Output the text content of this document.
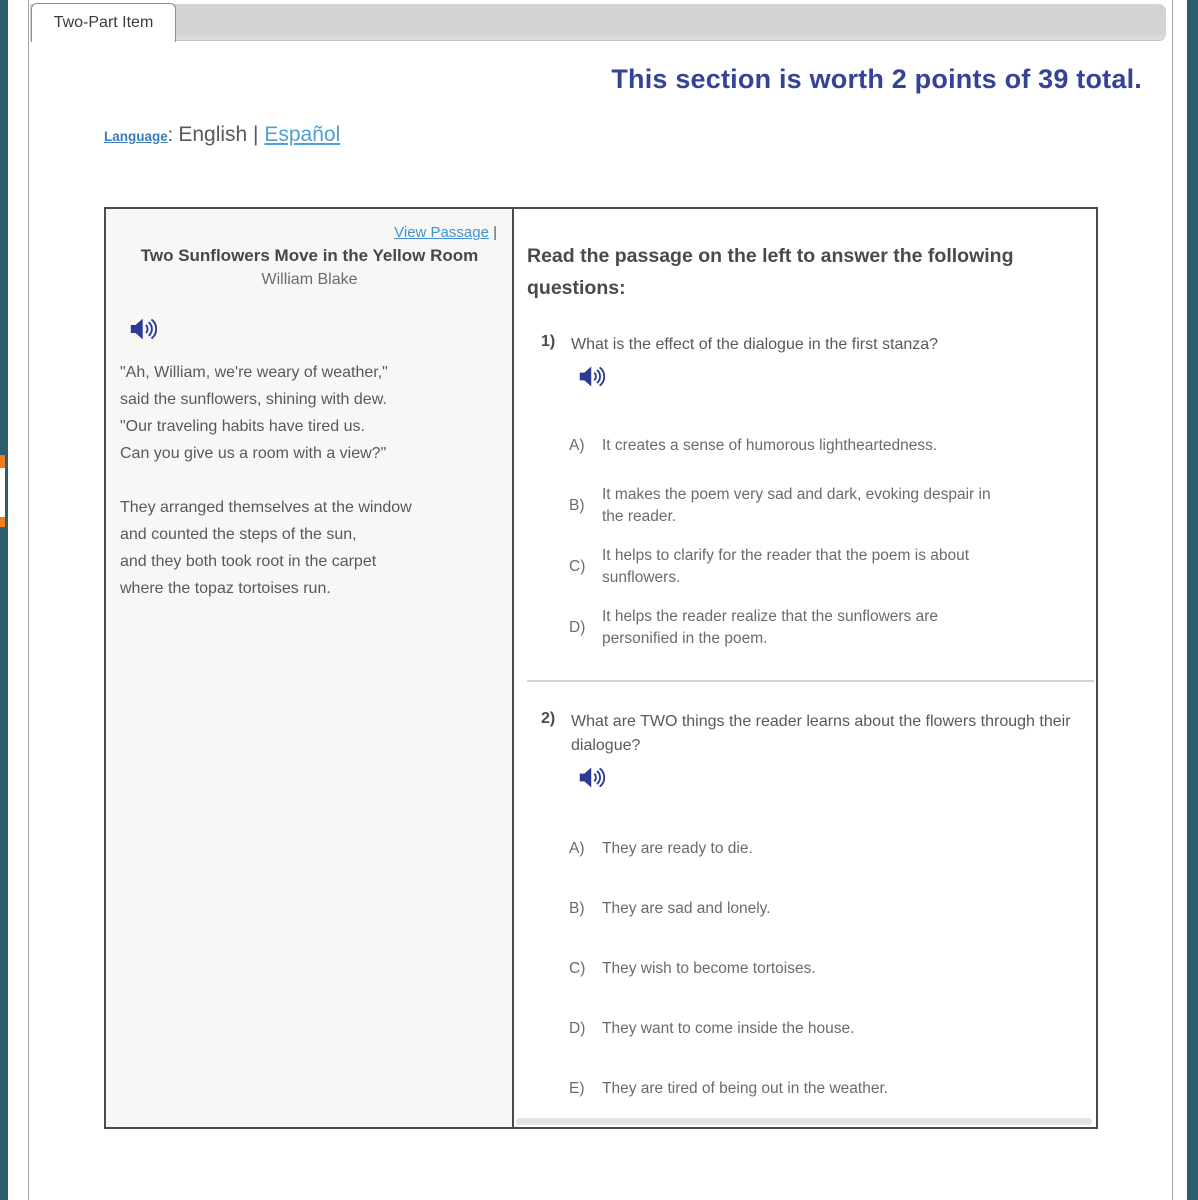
Two-Part Item
This section is worth 2 points of 39 total.
Language : English | Español
View Passage |
Two Sunflowers Move in the Yellow Room
William Blake
"Ah, William, we're weary of weather,"
said the sunflowers, shining with dew.
"Our traveling habits have tired us.
Can you give us a room with a view?"
They arranged themselves at the window
and counted the steps of the sun,
and they both took root in the carpet
where the topaz tortoises run.
Read the passage on the left to answer the following questions:
1) What is the effect of the dialogue in the first stanza?
A)	It creates a sense of humorous lightheartedness.
B)
It makes the poem very sad and dark, evoking despair in the reader.
C)
It helps to clarify for the reader that the poem is about sunflowers.
D)
It helps the reader realize that the sunflowers are personified in the poem.
2) What are TWO things the reader learns about the flowers through their dialogue?
A)	They are ready to die.
B)	They are sad and lonely.
C)	They wish to become tortoises.
D)	They want to come inside the house.
E)	They are tired of being out in the weather.
